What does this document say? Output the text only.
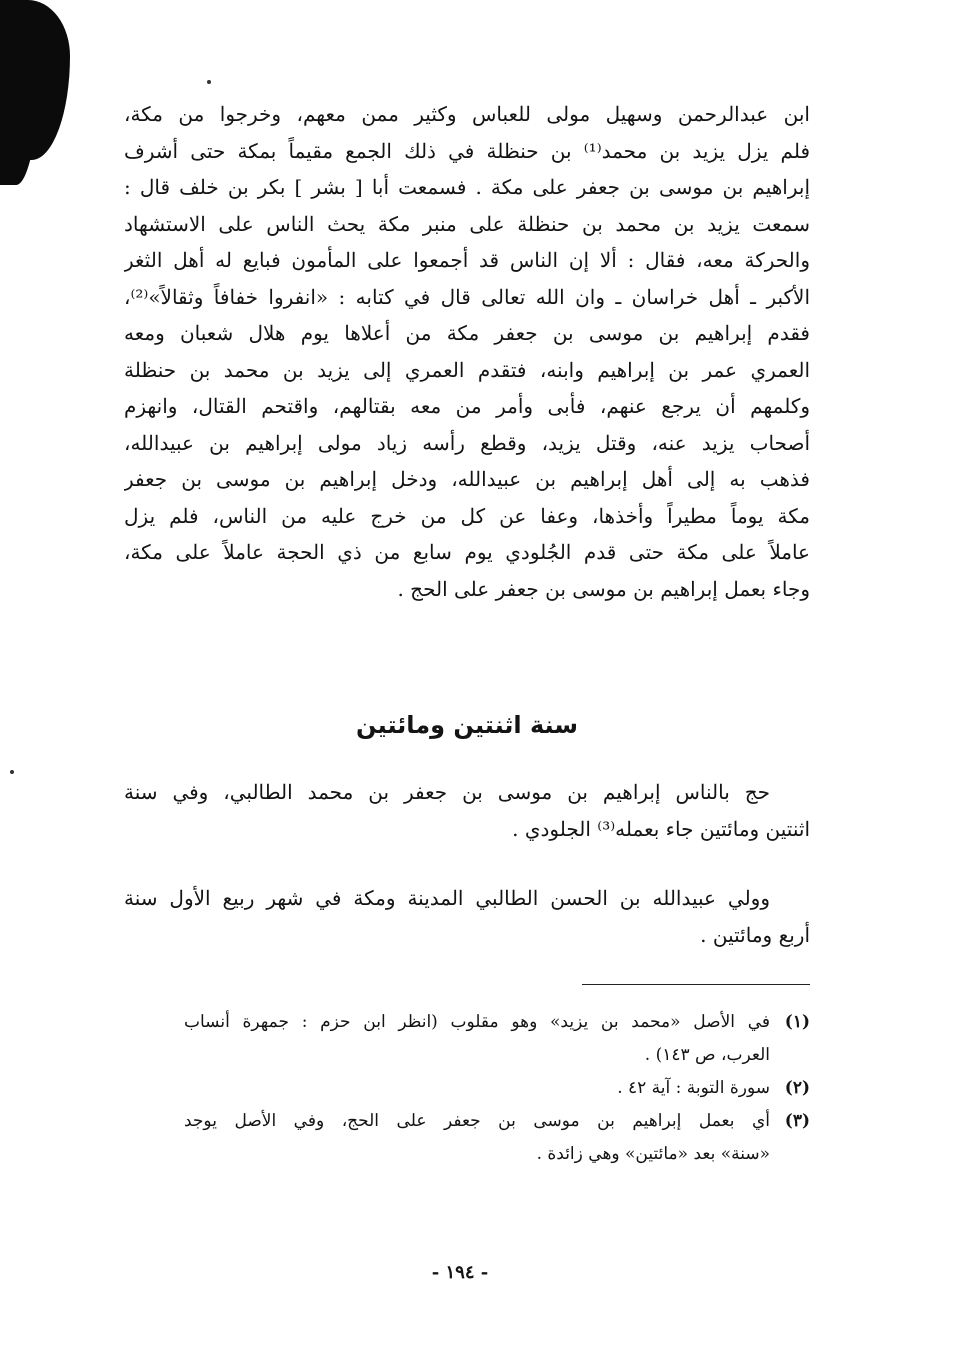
ابن عبدالرحمن وسهيل مولى للعباس وكثير ممن معهم، وخرجوا من مكة،
فلم يزل يزيد بن محمد⁽¹⁾ بن حنظلة في ذلك الجمع مقيماً بمكة حتى أشرف
إبراهيم بن موسى بن جعفر على مكة . فسمعت أبا [ بشر ] بكر بن خلف قال :
سمعت يزيد بن محمد بن حنظلة على منبر مكة يحث الناس على الاستشهاد
والحركة معه، فقال : ألا إن الناس قد أجمعوا على المأمون فبايع له أهل الثغر
الأكبر ـ أهل خراسان ـ وان الله تعالى قال في كتابه : «انفروا خفافاً وثقالاً»⁽²⁾،
فقدم إبراهيم بن موسى بن جعفر مكة من أعلاها يوم هلال شعبان ومعه
العمري عمر بن إبراهيم وابنه، فتقدم العمري إلى يزيد بن محمد بن حنظلة
وكلمهم أن يرجع عنهم، فأبى وأمر من معه بقتالهم، واقتحم القتال، وانهزم
أصحاب يزيد عنه، وقتل يزيد، وقطع رأسه زياد مولى إبراهيم بن عبيدالله،
فذهب به إلى أهل إبراهيم بن عبيدالله، ودخل إبراهيم بن موسى بن جعفر
مكة يوماً مطيراً وأخذها، وعفا عن كل من خرج عليه من الناس، فلم يزل
عاملاً على مكة حتى قدم الجُلودي يوم سابع من ذي الحجة عاملاً على مكة،
وجاء بعمل إبراهيم بن موسى بن جعفر على الحج .
سنة اثنتين ومائتين
حج بالناس إبراهيم بن موسى بن جعفر بن محمد الطالبي، وفي سنة
اثنتين ومائتين جاء بعمله⁽³⁾ الجلودي .
وولي عبيدالله بن الحسن الطالبي المدينة ومكة في شهر ربيع الأول سنة
أربع ومائتين .
(١)
في الأصل «محمد بن يزيد» وهو مقلوب (انظر ابن حزم : جمهرة أنساب
العرب، ص ١٤٣) .
(٢)
سورة التوبة : آية ٤٢ .
(٣)
أي بعمل إبراهيم بن موسى بن جعفر على الحج، وفي الأصل يوجد
«سنة» بعد «مائتين» وهي زائدة .
- ١٩٤ -
